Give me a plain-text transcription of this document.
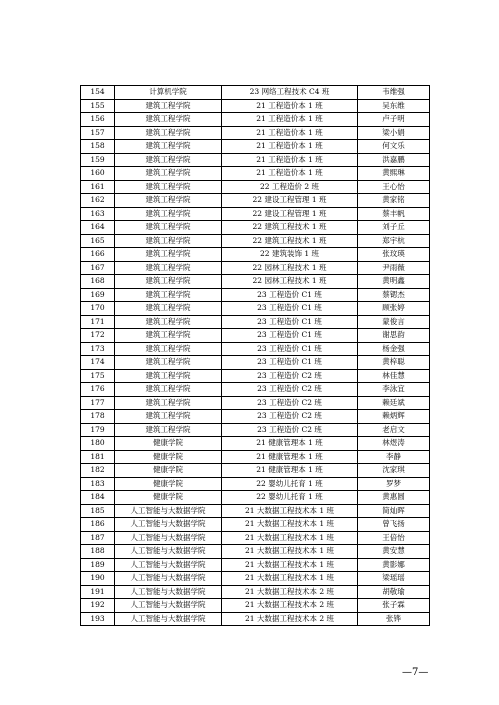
154	计算机学院	23 网络工程技术 C4 班	韦维强
155	建筑工程学院	21 工程造价本 1 班	吴东维
156	建筑工程学院	21 工程造价本 1 班	卢子明
157	建筑工程学院	21 工程造价本 1 班	梁小娟
158	建筑工程学院	21 工程造价本 1 班	何文乐
159	建筑工程学院	21 工程造价本 1 班	洪嘉鹏
160	建筑工程学院	21 工程造价本 1 班	黄熙琳
161	建筑工程学院	22 工程造价 2 班	王心怡
162	建筑工程学院	22 建设工程管理 1 班	黄家铭
163	建筑工程学院	22 建设工程管理 1 班	蔡丰帆
164	建筑工程学院	22 建筑工程技术 1 班	刘子丘
165	建筑工程学院	22 建筑工程技术 1 班	郑宇杭
166	建筑工程学院	22 建筑装饰 1 班	张玟瑛
167	建筑工程学院	22 园林工程技术 1 班	尹雨薇
168	建筑工程学院	22 园林工程技术 1 班	黄明鑫
169	建筑工程学院	23 工程造价 C1 班	蔡锶杰
170	建筑工程学院	23 工程造价 C1 班	顾张婷
171	建筑工程学院	23 工程造价 C1 班	蒙俊言
172	建筑工程学院	23 工程造价 C1 班	谢思韵
173	建筑工程学院	23 工程造价 C1 班	杨金强
174	建筑工程学院	23 工程造价 C1 班	黄梓聪
175	建筑工程学院	23 工程造价 C2 班	林佳慧
176	建筑工程学院	23 工程造价 C2 班	李泳宜
177	建筑工程学院	23 工程造价 C2 班	赖廷斌
178	建筑工程学院	23 工程造价 C2 班	赖炳辉
179	建筑工程学院	23 工程造价 C2 班	老启文
180	健康学院	21 健康管理本 1 班	林煜涛
181	健康学院	21 健康管理本 1 班	李静
182	健康学院	21 健康管理本 1 班	沈家琪
183	健康学院	22 婴幼儿托育 1 班	罗梦
184	健康学院	22 婴幼儿托育 1 班	黄惠圆
185	人工智能与大数据学院	21 大数据工程技术本 1 班	简灿晖
186	人工智能与大数据学院	21 大数据工程技术本 1 班	曾飞扬
187	人工智能与大数据学院	21 大数据工程技术本 1 班	王倍怡
188	人工智能与大数据学院	21 大数据工程技术本 1 班	黄安慧
189	人工智能与大数据学院	21 大数据工程技术本 1 班	黄影娜
190	人工智能与大数据学院	21 大数据工程技术本 1 班	梁瑶瑶
191	人工智能与大数据学院	21 大数据工程技术本 2 班	胡敬瑜
192	人工智能与大数据学院	21 大数据工程技术本 2 班	张子霖
193	人工智能与大数据学院	21 大数据工程技术本 2 班	张铧
—7—
